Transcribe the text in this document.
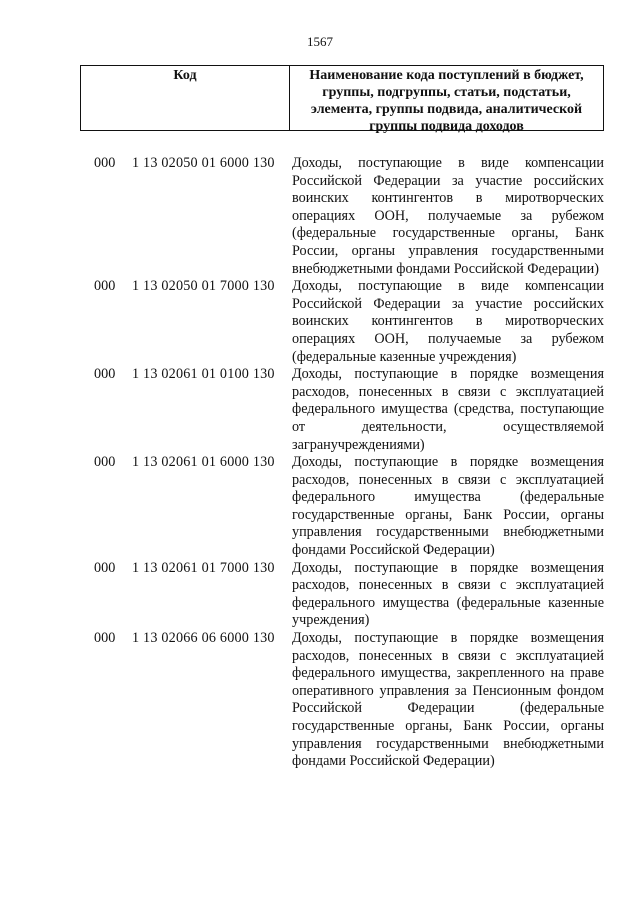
1567
Код	Наименование кода поступлений в бюджет, группы, подгруппы, статьи, подстатьи, элемента, группы подвида, аналитической группы подвида доходов
000	1 13 02050 01 6000 130	Доходы, поступающие в виде компенсации Российской Федерации за участие российских воинских контингентов в миротворческих операциях ООН, получаемые за рубежом (федеральные государственные органы, Банк России, органы управления государственными внебюджетными фондами Российской Федерации)
000	1 13 02050 01 7000 130	Доходы, поступающие в виде компенсации Российской Федерации за участие российских воинских контингентов в миротворческих операциях ООН, получаемые за рубежом (федеральные казенные учреждения)
000	1 13 02061 01 0100 130	Доходы, поступающие в порядке возмещения расходов, понесенных в связи с эксплуатацией федерального имущества (средства, поступающие от деятельности, осуществляемой загранучреждениями)
000	1 13 02061 01 6000 130	Доходы, поступающие в порядке возмещения расходов, понесенных в связи с эксплуатацией федерального имущества (федеральные государственные органы, Банк России, органы управления государственными внебюджетными фондами Российской Федерации)
000	1 13 02061 01 7000 130	Доходы, поступающие в порядке возмещения расходов, понесенных в связи с эксплуатацией федерального имущества (федеральные казенные учреждения)
000	1 13 02066 06 6000 130	Доходы, поступающие в порядке возмещения расходов, понесенных в связи с эксплуатацией федерального имущества, закрепленного на праве оперативного управления за Пенсионным фондом Российской Федерации (федеральные государственные органы, Банк России, органы управления государственными внебюджетными фондами Российской Федерации)
